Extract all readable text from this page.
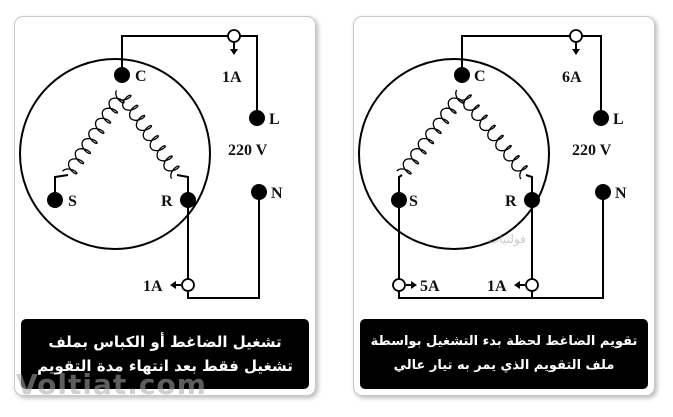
C
S	R
L
N
220 V
1A
1A
تشغيل الضاغط أو الكباس بملف
تشغيل فقط بعد انتهاء مدة التقويم
C
S	R
L
N
220 V
6A
5A	1A
تقويم الضاغط لحظة بدء التشغيل بواسطة
ملف التقويم الذي يمر به تيار عالي
فولتيات
Voltiat.com
